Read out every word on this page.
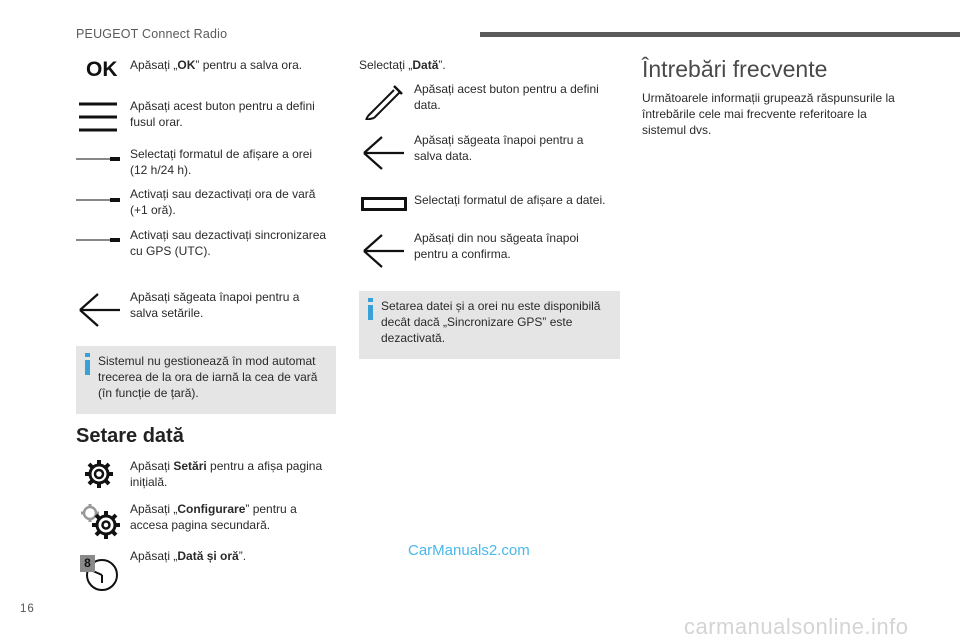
PEUGEOT Connect Radio
OK Apăsați „OK” pentru a salva ora.
Apăsați acest buton pentru a defini fusul orar.
Selectați formatul de afișare a orei (12 h/24 h).
Activați sau dezactivați ora de vară (+1 oră).
Activați sau dezactivați sincronizarea cu GPS (UTC).
Apăsați săgeata înapoi pentru a salva setările.
Sistemul nu gestionează în mod automat trecerea de la ora de iarnă la cea de vară (în funcție de țară).
Setare dată
Apăsați Setări pentru a afișa pagina inițială.
Apăsați „Configurare” pentru a accesa pagina secundară.
8	Apăsați „Dată și oră”.
Selectați „Dată”.
Apăsați acest buton pentru a defini data.
Apăsați săgeata înapoi pentru a salva data.
Selectați formatul de afișare a datei.
Apăsați din nou săgeata înapoi pentru a confirma.
Setarea datei și a orei nu este disponibilă decât dacă „Sincronizare GPS” este dezactivată.
Întrebări frecvente
Următoarele informații grupează răspunsurile la întrebările cele mai frecvente referitoare la sistemul dvs.
16
CarManuals2.com
carmanualsonline.info
